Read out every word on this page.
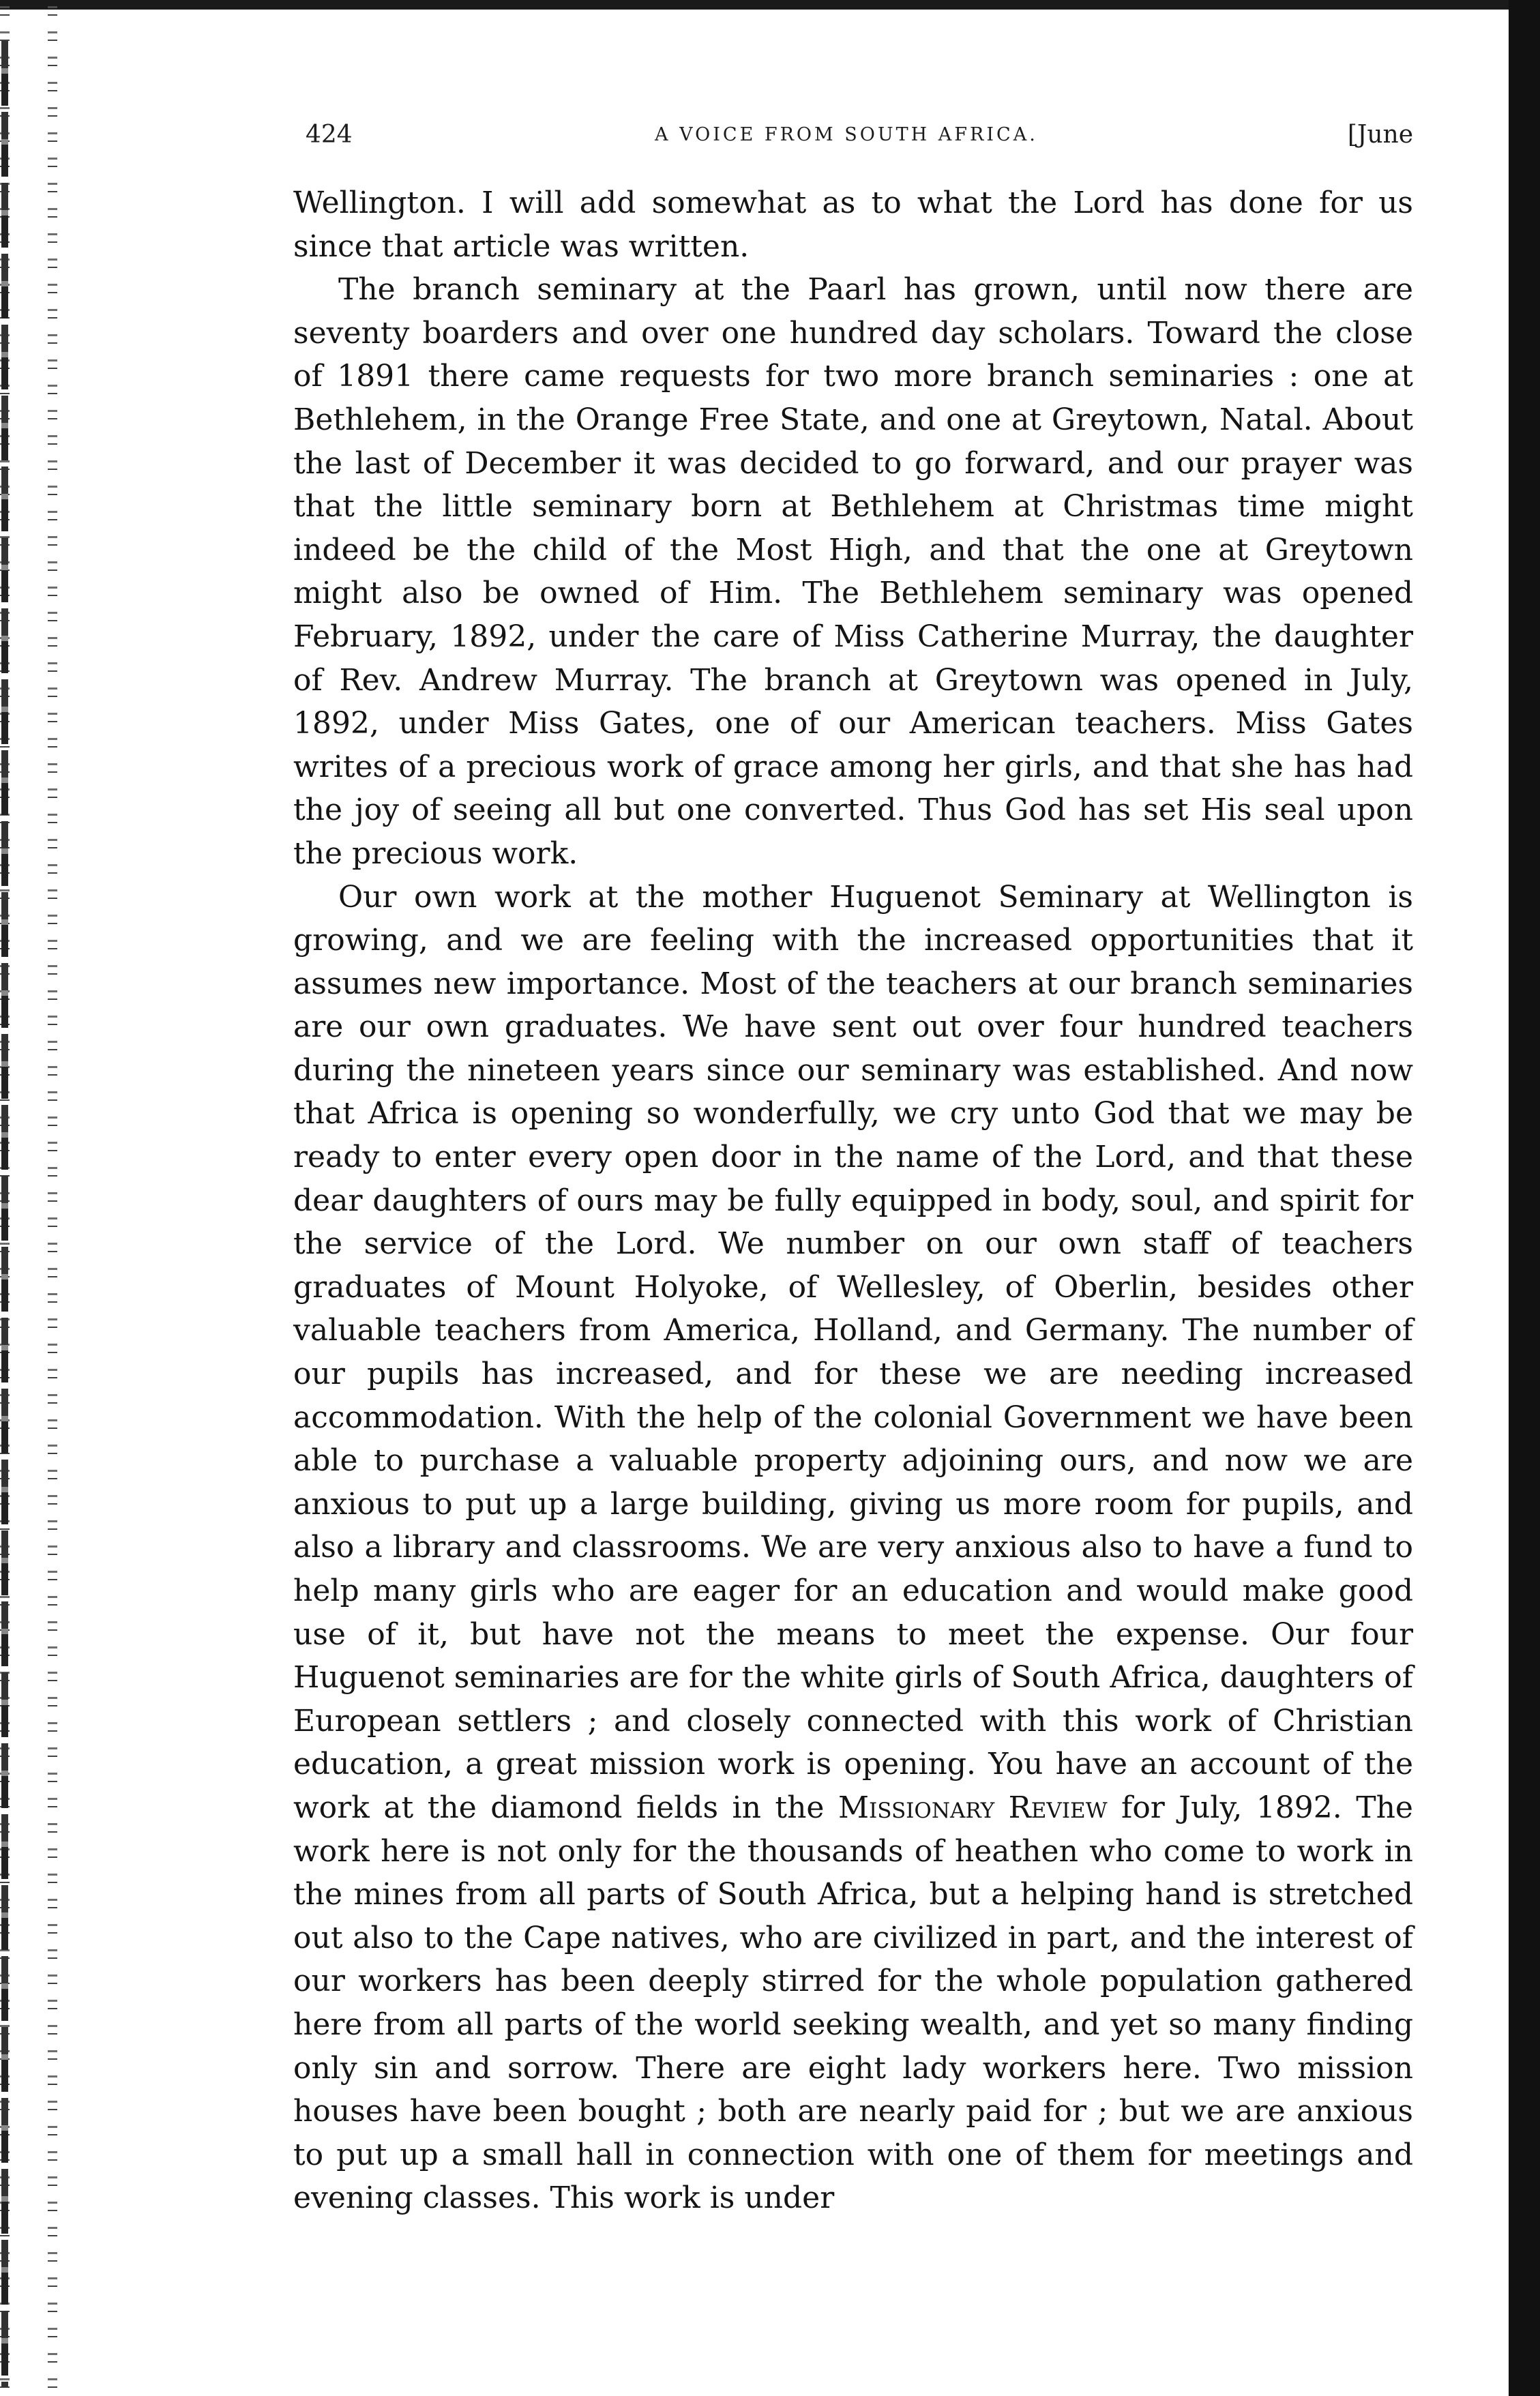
424	A VOICE FROM SOUTH AFRICA.	[June

Wellington. I will add somewhat as to what the Lord has done for us since that article was written.

The branch seminary at the Paarl has grown, until now there are seventy boarders and over one hundred day scholars. Toward the close of 1891 there came requests for two more branch seminaries : one at Bethlehem, in the Orange Free State, and one at Greytown, Natal. About the last of December it was decided to go forward, and our prayer was that the little seminary born at Bethlehem at Christmas time might indeed be the child of the Most High, and that the one at Greytown might also be owned of Him. The Bethlehem seminary was opened February, 1892, under the care of Miss Catherine Murray, the daughter of Rev. Andrew Murray. The branch at Greytown was opened in July, 1892, under Miss Gates, one of our American teachers. Miss Gates writes of a precious work of grace among her girls, and that she has had the joy of seeing all but one converted. Thus God has set His seal upon the precious work.

Our own work at the mother Huguenot Seminary at Wellington is growing, and we are feeling with the increased opportunities that it assumes new importance. Most of the teachers at our branch seminaries are our own graduates. We have sent out over four hundred teachers during the nineteen years since our seminary was established. And now that Africa is opening so wonderfully, we cry unto God that we may be ready to enter every open door in the name of the Lord, and that these dear daughters of ours may be fully equipped in body, soul, and spirit for the service of the Lord. We number on our own staff of teachers graduates of Mount Holyoke, of Wellesley, of Oberlin, besides other valuable teachers from America, Holland, and Germany. The number of our pupils has increased, and for these we are needing increased accommodation. With the help of the colonial Government we have been able to purchase a valuable property adjoining ours, and now we are anxious to put up a large building, giving us more room for pupils, and also a library and classrooms. We are very anxious also to have a fund to help many girls who are eager for an education and would make good use of it, but have not the means to meet the expense. Our four Huguenot seminaries are for the white girls of South Africa, daughters of European settlers ; and closely connected with this work of Christian education, a great mission work is opening. You have an account of the work at the diamond fields in the Missionary Review for July, 1892. The work here is not only for the thousands of heathen who come to work in the mines from all parts of South Africa, but a helping hand is stretched out also to the Cape natives, who are civilized in part, and the interest of our workers has been deeply stirred for the whole population gathered here from all parts of the world seeking wealth, and yet so many finding only sin and sorrow. There are eight lady workers here. Two mission houses have been bought ; both are nearly paid for ; but we are anxious to put up a small hall in connection with one of them for meetings and evening classes. This work is under
